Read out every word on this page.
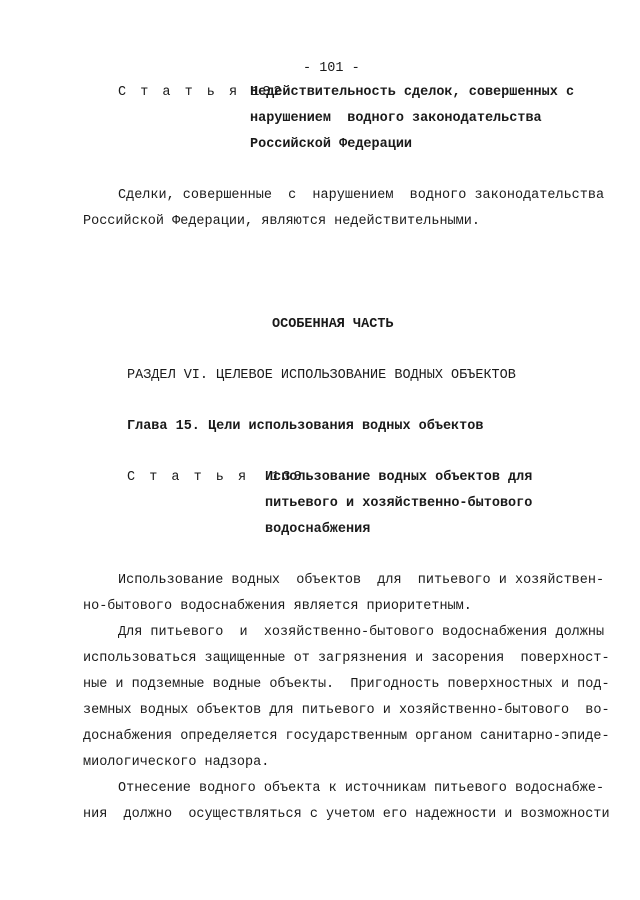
- 101 -
С т а т ь я 132.
Недействительность сделок, совершенных с
нарушением  водного законодательства
Российской Федерации
Сделки, совершенные  с  нарушением  водного законодательства
Российской Федерации, являются недействительными.
ОСОБЕННАЯ ЧАСТЬ
РАЗДЕЛ VI. ЦЕЛЕВОЕ ИСПОЛЬЗОВАНИЕ ВОДНЫХ ОБЪЕКТОВ
Глава 15. Цели использования водных объектов
С т а т ь я  133.
Использование водных объектов для
питьевого и хозяйственно-бытового
водоснабжения
Использование водных  объектов  для  питьевого и хозяйствен-
но-бытового водоснабжения является приоритетным.
Для питьевого  и  хозяйственно-бытового водоснабжения должны
использоваться защищенные от загрязнения и засорения  поверхност-
ные и подземные водные объекты.  Пригодность поверхностных и под-
земных водных объектов для питьевого и хозяйственно-бытового  во-
доснабжения определяется государственным органом санитарно-эпиде-
миологического надзора.
Отнесение водного объекта к источникам питьевого водоснабже-
ния  должно  осуществляться с учетом его надежности и возможности
